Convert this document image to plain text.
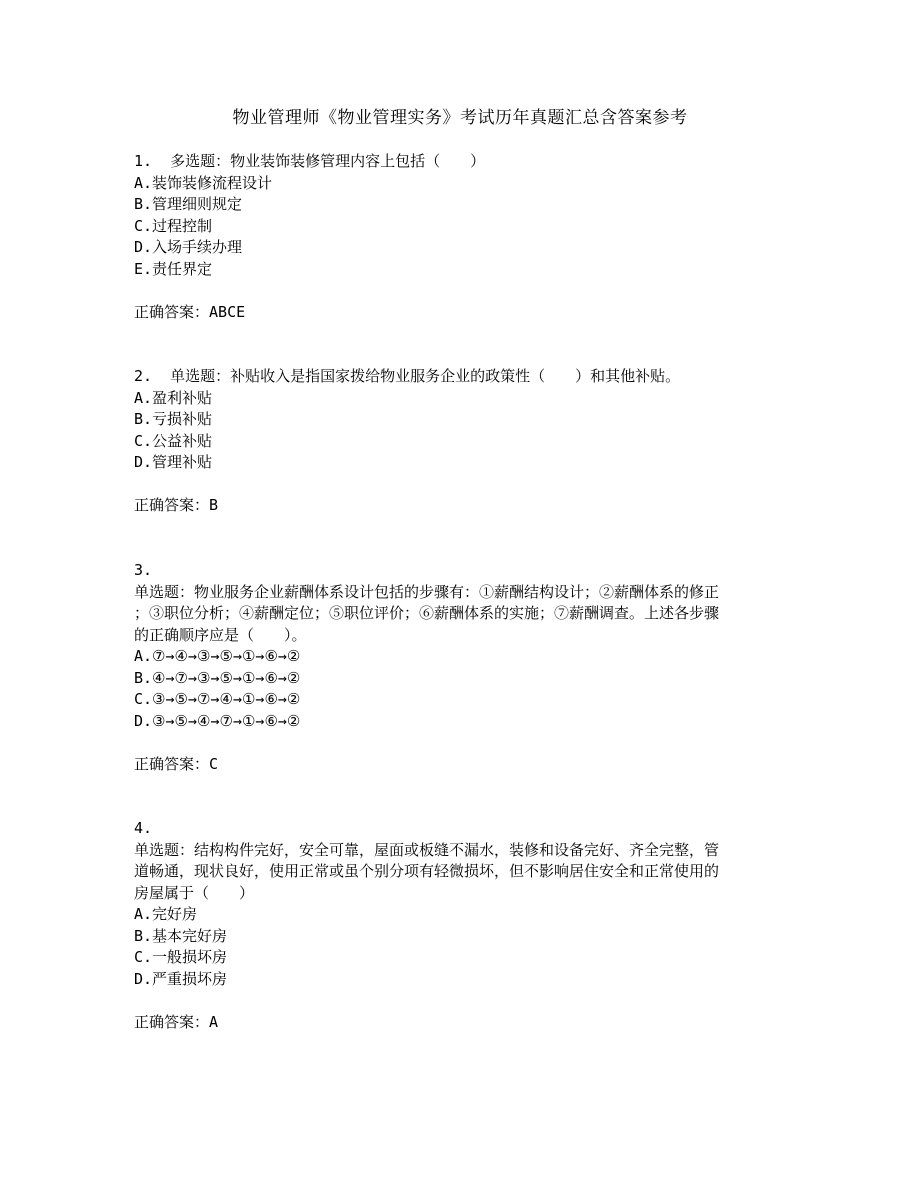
物业管理师《物业管理实务》考试历年真题汇总含答案参考
1. 多选题：物业装饰装修管理内容上包括（　　）
A.装饰装修流程设计
B.管理细则规定
C.过程控制
D.入场手续办理
E.责任界定
正确答案：ABCE
2. 单选题：补贴收入是指国家拨给物业服务企业的政策性（　　）和其他补贴。
A.盈利补贴
B.亏损补贴
C.公益补贴
D.管理补贴
正确答案：B
3.
单选题：物业服务企业薪酬体系设计包括的步骤有：①薪酬结构设计；②薪酬体系的修正
；③职位分析；④薪酬定位；⑤职位评价；⑥薪酬体系的实施；⑦薪酬调查。上述各步骤
的正确顺序应是（　　）。
A.⑦→④→③→⑤→①→⑥→②
B.④→⑦→③→⑤→①→⑥→②
C.③→⑤→⑦→④→①→⑥→②
D.③→⑤→④→⑦→①→⑥→②
正确答案：C
4.
单选题：结构构件完好，安全可靠，屋面或板缝不漏水，装修和设备完好、齐全完整，管
道畅通，现状良好，使用正常或虽个别分项有轻微损坏，但不影响居住安全和正常使用的
房屋属于（　　）
A.完好房
B.基本完好房
C.一般损坏房
D.严重损坏房
正确答案：A
